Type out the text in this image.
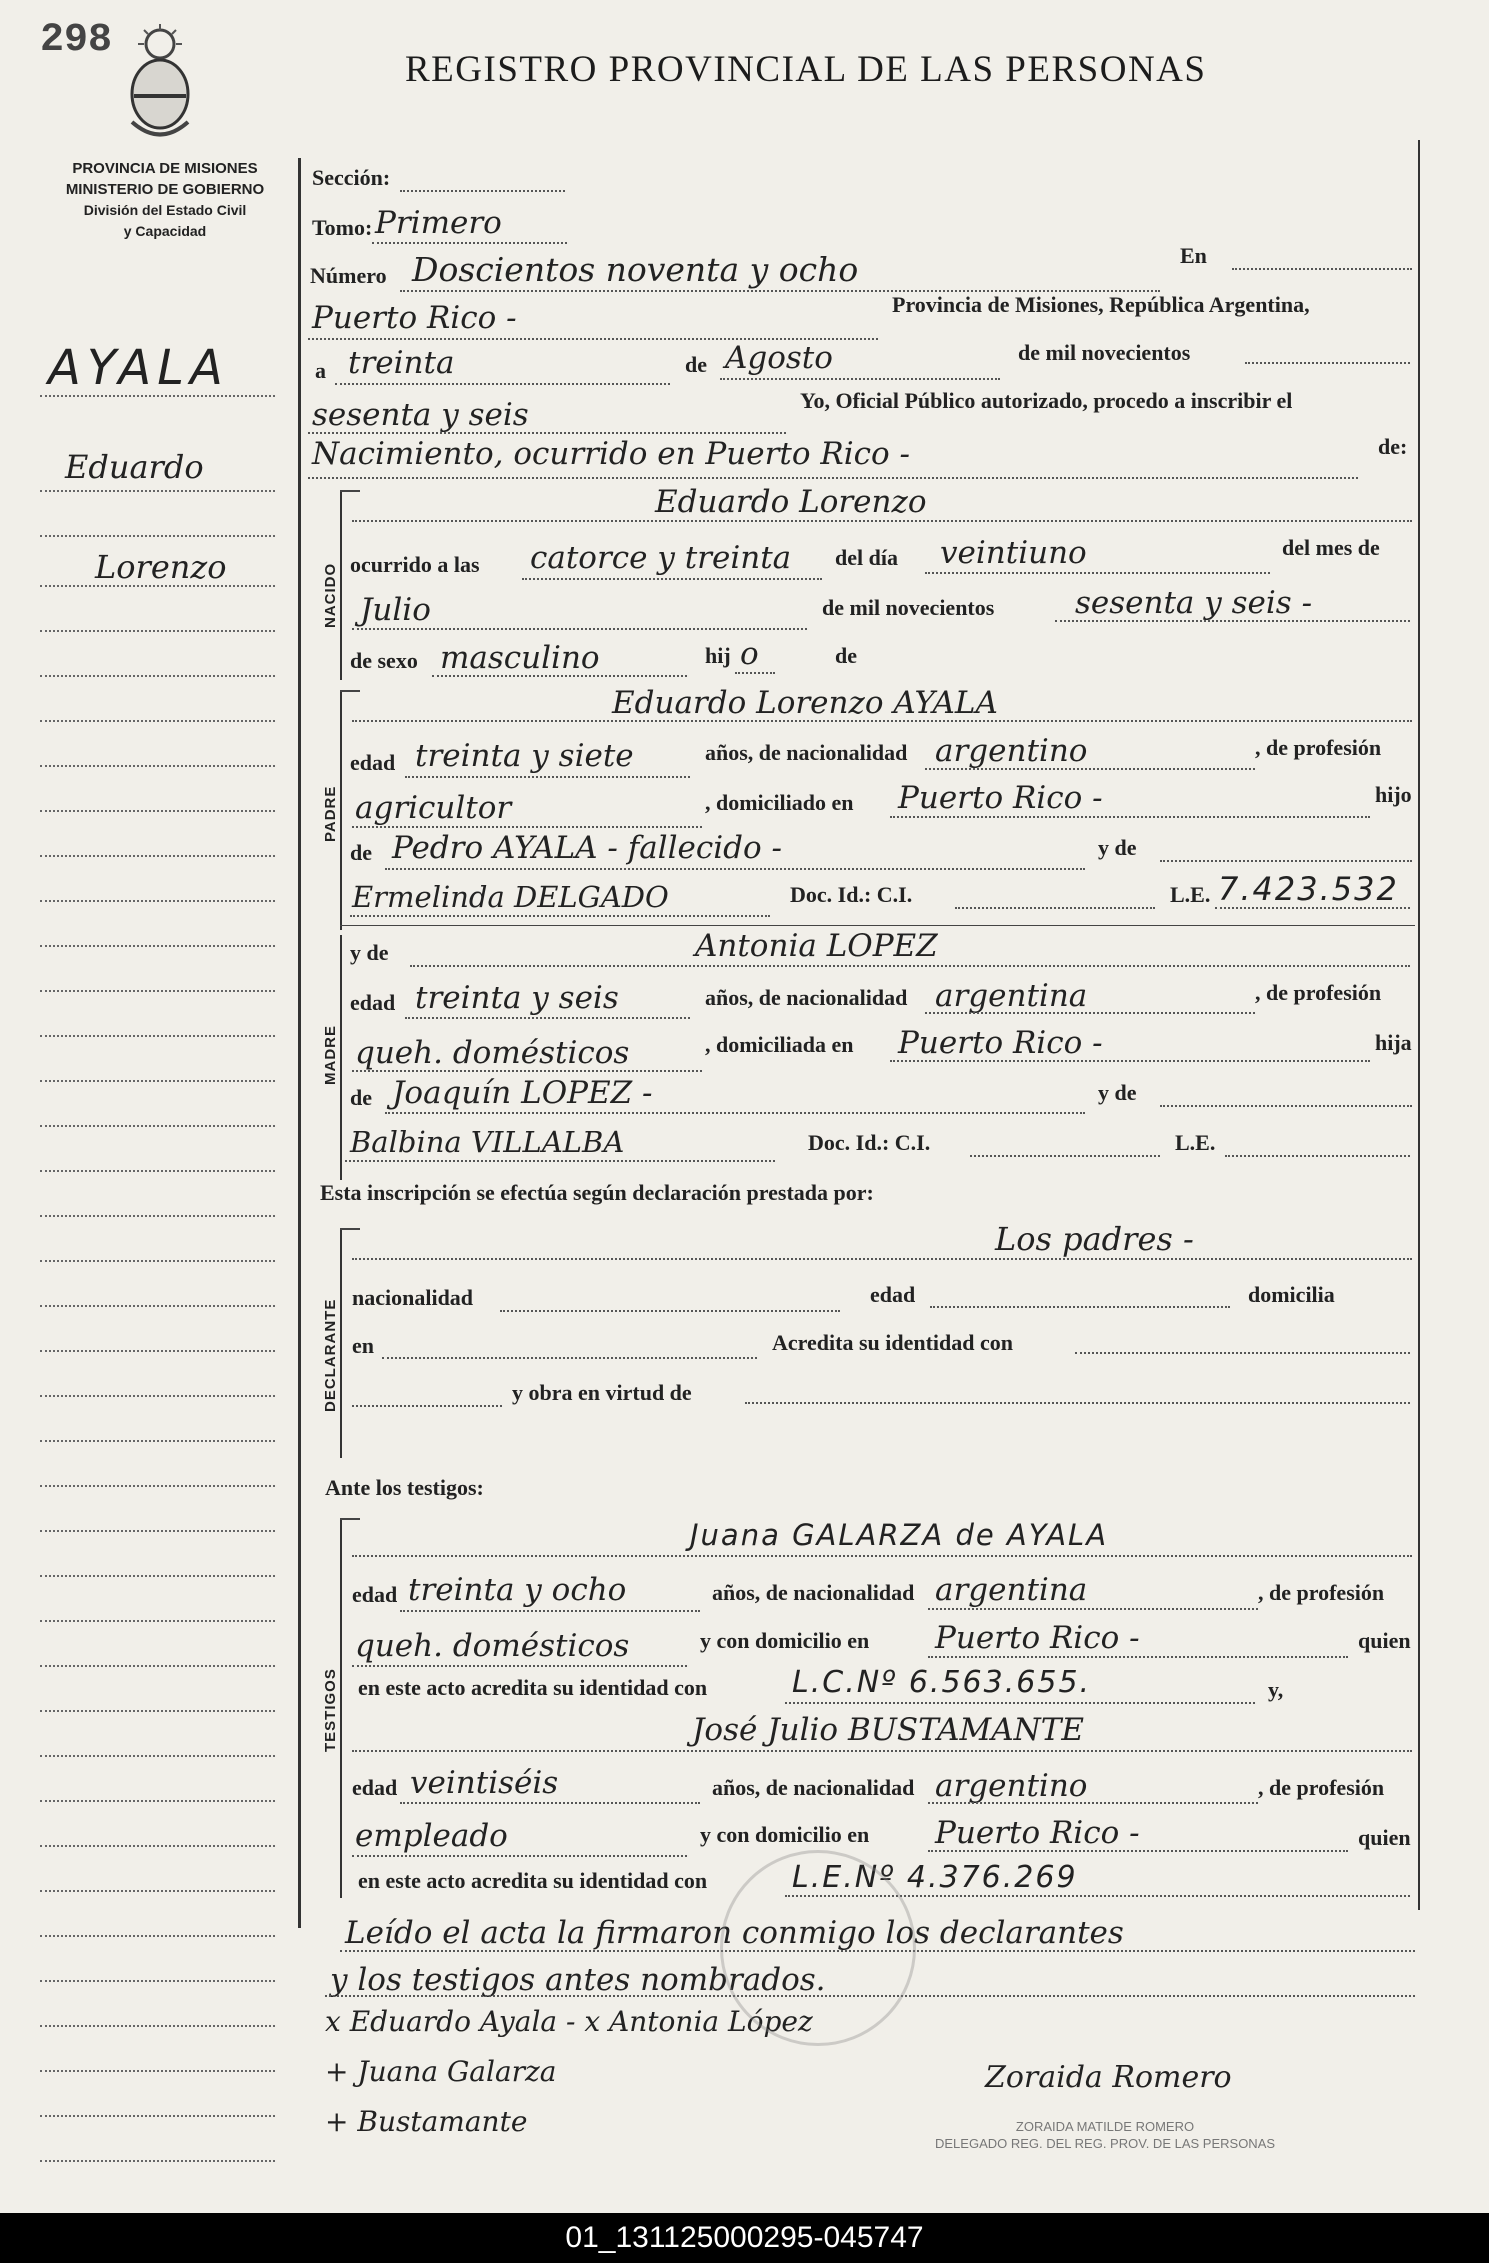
298
REGISTRO PROVINCIAL DE LAS PERSONAS
PROVINCIA DE MISIONES
MINISTERIO DE GOBIERNO
División del Estado Civil
y Capacidad
AYALA
Eduardo
Lorenzo
Sección:
Tomo: Primero
Número Doscientos noventa y ocho	En
Puerto Rico -	Provincia de Misiones, República Argentina,
a treinta	de Agosto	de mil novecientos
sesenta y seis	Yo, Oficial Público autorizado, procedo a inscribir el
Nacimiento, ocurrido en Puerto Rico -	de:
NACIDO
Eduardo Lorenzo
ocurrido a las catorce y treinta del día veintiuno	del mes de
Julio	de mil novecientos	sesenta y seis -
de sexo masculino	hij o	de
PADRE
Eduardo Lorenzo AYALA
edad treinta y siete	años, de nacionalidad argentino	, de profesión
agricultor	, domiciliado en Puerto Rico -	hijo
de Pedro AYALA - fallecido -	y de
Ermelinda DELGADO	Doc. Id.: C.I.	L.E. 7.423.532
MADRE
y de	Antonia LOPEZ
edad treinta y seis	años, de nacionalidad argentina	, de profesión
queh. domésticos	, domiciliada en Puerto Rico -	hija
de Joaquín LOPEZ -	y de
Balbina VILLALBA	Doc. Id.: C.I.	L.E.
Esta inscripción se efectúa según declaración prestada por:
DECLARANTE
Los padres -
nacionalidad	edad	domicilia
en	Acredita su identidad con
y obra en virtud de
Ante los testigos:
TESTIGOS
Juana GALARZA de AYALA
edad treinta y ocho	años, de nacionalidad argentina	, de profesión
queh. domésticos	y con domicilio en Puerto Rico -	quien
en este acto acredita su identidad con	L.C.Nº 6.563.655.	y,
José Julio BUSTAMANTE
edad veintiséis	años, de nacionalidad argentino	, de profesión
empleado	y con domicilio en Puerto Rico -	quien
en este acto acredita su identidad con	L.E.Nº 4.376.269
Leído el acta la firmaron conmigo los declarantes
y los testigos antes nombrados.
x Eduardo Ayala - x Antonia López
+ Juana Galarza	Zoraida Romero
+ Bustamante	ZORAIDA MATILDE ROMERO
DELEGADO REG. DEL REG. PROV. DE LAS PERSONAS
01_131125000295-045747
